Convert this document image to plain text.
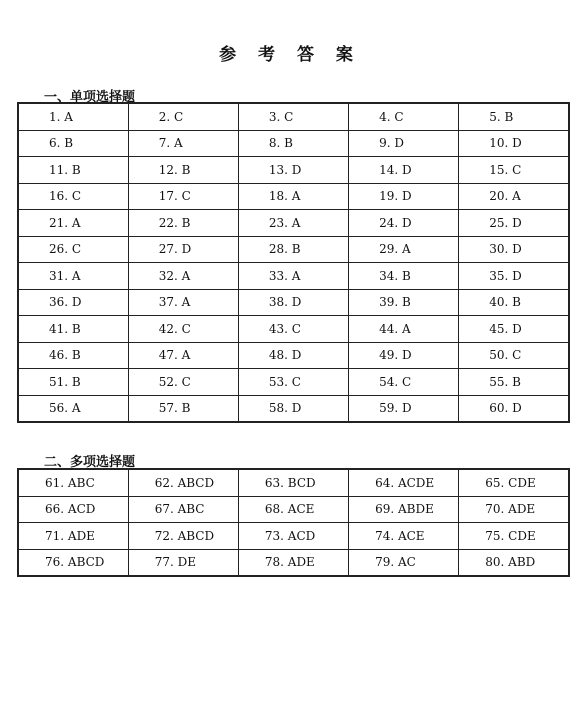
参 考 答 案
一、单项选择题
1. A	2. C	3. C	4. C	5. B
6. B	7. A	8. B	9. D	10. D
11. B	12. B	13. D	14. D	15. C
16. C	17. C	18. A	19. D	20. A
21. A	22. B	23. A	24. D	25. D
26. C	27. D	28. B	29. A	30. D
31. A	32. A	33. A	34. B	35. D
36. D	37. A	38. D	39. B	40. B
41. B	42. C	43. C	44. A	45. D
46. B	47. A	48. D	49. D	50. C
51. B	52. C	53. C	54. C	55. B
56. A	57. B	58. D	59. D	60. D
二、多项选择题
61. ABC	62. ABCD	63. BCD	64. ACDE	65. CDE
66. ACD	67. ABC	68. ACE	69. ABDE	70. ADE
71. ADE	72. ABCD	73. ACD	74. ACE	75. CDE
76. ABCD	77. DE	78. ADE	79. AC	80. ABD
